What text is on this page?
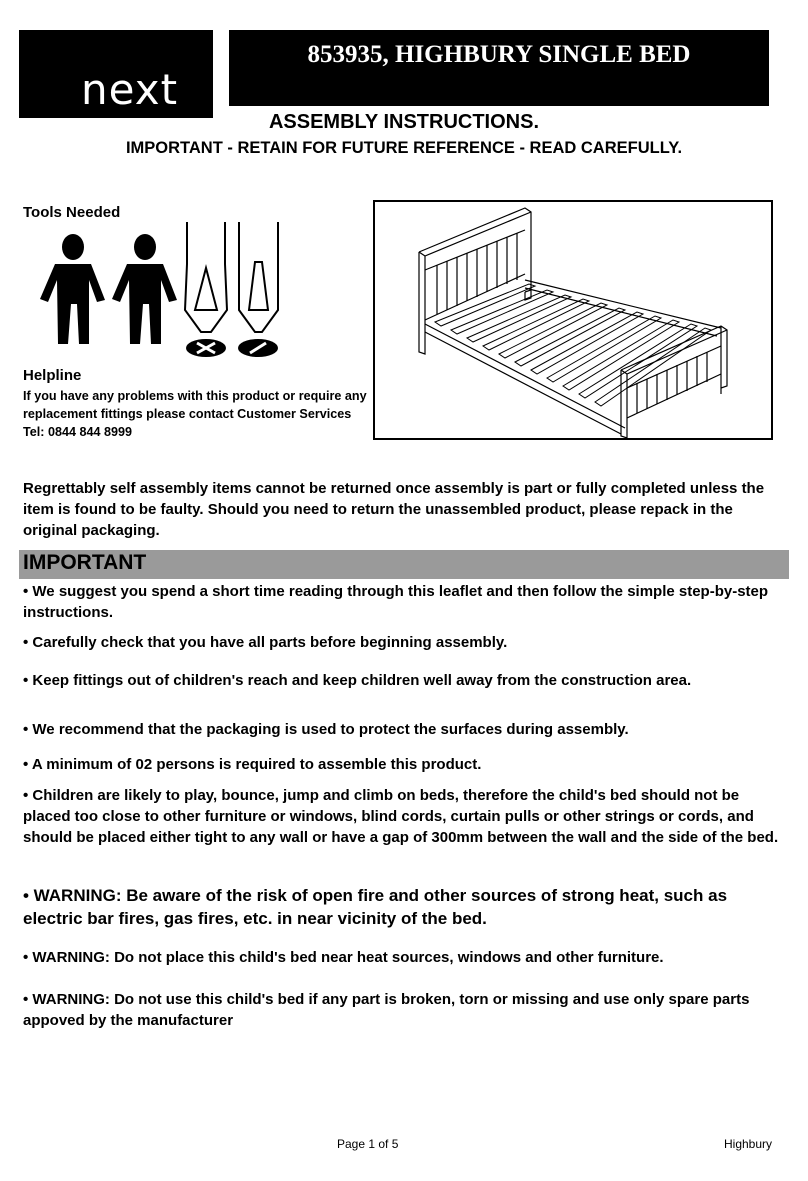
next
853935, HIGHBURY SINGLE BED
ASSEMBLY INSTRUCTIONS.
IMPORTANT - RETAIN FOR FUTURE REFERENCE - READ CAREFULLY.
Tools Needed
Helpline
If you have any problems with this product or require any replacement fittings please contact Customer Services Tel: 0844 844 8999
Regrettably self assembly items cannot be returned once assembly is part or fully completed unless the item is found to be faulty. Should you need to return the unassembled product, please repack in the original packaging.
IMPORTANT
• We suggest you spend a short time reading through this leaflet and then follow the simple step-by-step instructions.
• Carefully check that you have all parts before beginning assembly.
• Keep fittings out of children's reach and keep children well away from the construction area.
• We recommend that the packaging is used to protect the surfaces during assembly.
• A minimum of 02 persons is required to assemble this product.
• Children are likely to play, bounce, jump and climb on beds, therefore the child's bed should not be placed too close to other furniture or windows, blind cords, curtain pulls or other strings or cords, and should be placed either tight to any wall or have a gap of 300mm between the wall and the side of the bed.
• WARNING: Be aware of the risk of open fire and other sources of strong heat, such as electric bar fires, gas fires, etc. in near vicinity of the bed.
• WARNING: Do not place this child's bed near heat sources, windows and other furniture.
• WARNING: Do not use this child's bed if any part is broken, torn or missing and use only spare parts appoved by the manufacturer
Page 1 of 5	Highbury
